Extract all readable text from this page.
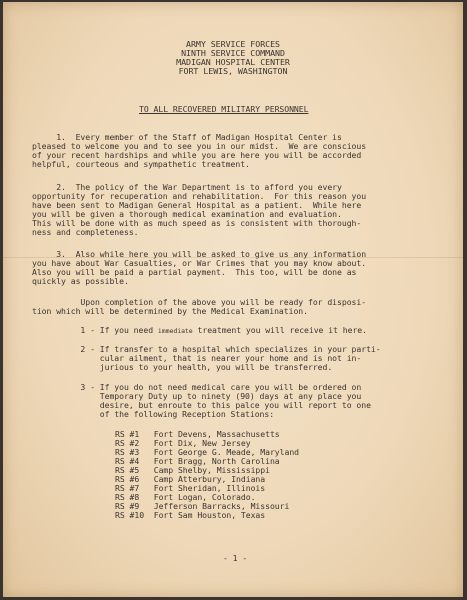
ARMY SERVICE FORCES
NINTH SERVICE COMMAND
MADIGAN HOSPITAL CENTER
FORT LEWIS, WASHINGTON
TO ALL RECOVERED MILITARY PERSONNEL
1.  Every member of the Staff of Madigan Hospital Center is
pleased to welcome you and to see you in our midst.  We are conscious
of your recent hardships and while you are here you will be accorded
helpful, courteous and sympathetic treatment.
2.  The policy of the War Department is to afford you every
opportunity for recuperation and rehabilitation.  For this reason you
have been sent to Madigan General Hospital as a patient.  While here
you will be given a thorough medical examination and evaluation.
This will be done with as much speed as is consistent with thorough-
ness and completeness.
3.  Also while here you will be asked to give us any information
you have about War Casualties, or War Crimes that you may know about.
Also you will be paid a partial payment.  This too, will be done as
quickly as possible.
Upon completion of the above you will be ready for disposi-
tion which will be determined by the Medical Examination.
1 - If you need immediate treatment you will receive it here.
2 - If transfer to a hospital which specializes in your parti-
cular ailment, that is nearer your home and is not in-
jurious to your health, you will be transferred.
3 - If you do not need medical care you will be ordered on
Temporary Duty up to ninety (90) days at any place you
desire, but enroute to this palce you will report to one
of the following Reception Stations:
RS #1   Fort Devens, Massachusetts
RS #2   Fort Dix, New Jersey
RS #3   Fort George G. Meade, Maryland
RS #4   Fort Bragg, North Carolina
RS #5   Camp Shelby, Mississippi
RS #6   Camp Atterbury, Indiana
RS #7   Fort Sheridan, Illinois
RS #8   Fort Logan, Colorado.
RS #9   Jefferson Barracks, Missouri
RS #10 Fort Sam Houston, Texas
- 1 -
